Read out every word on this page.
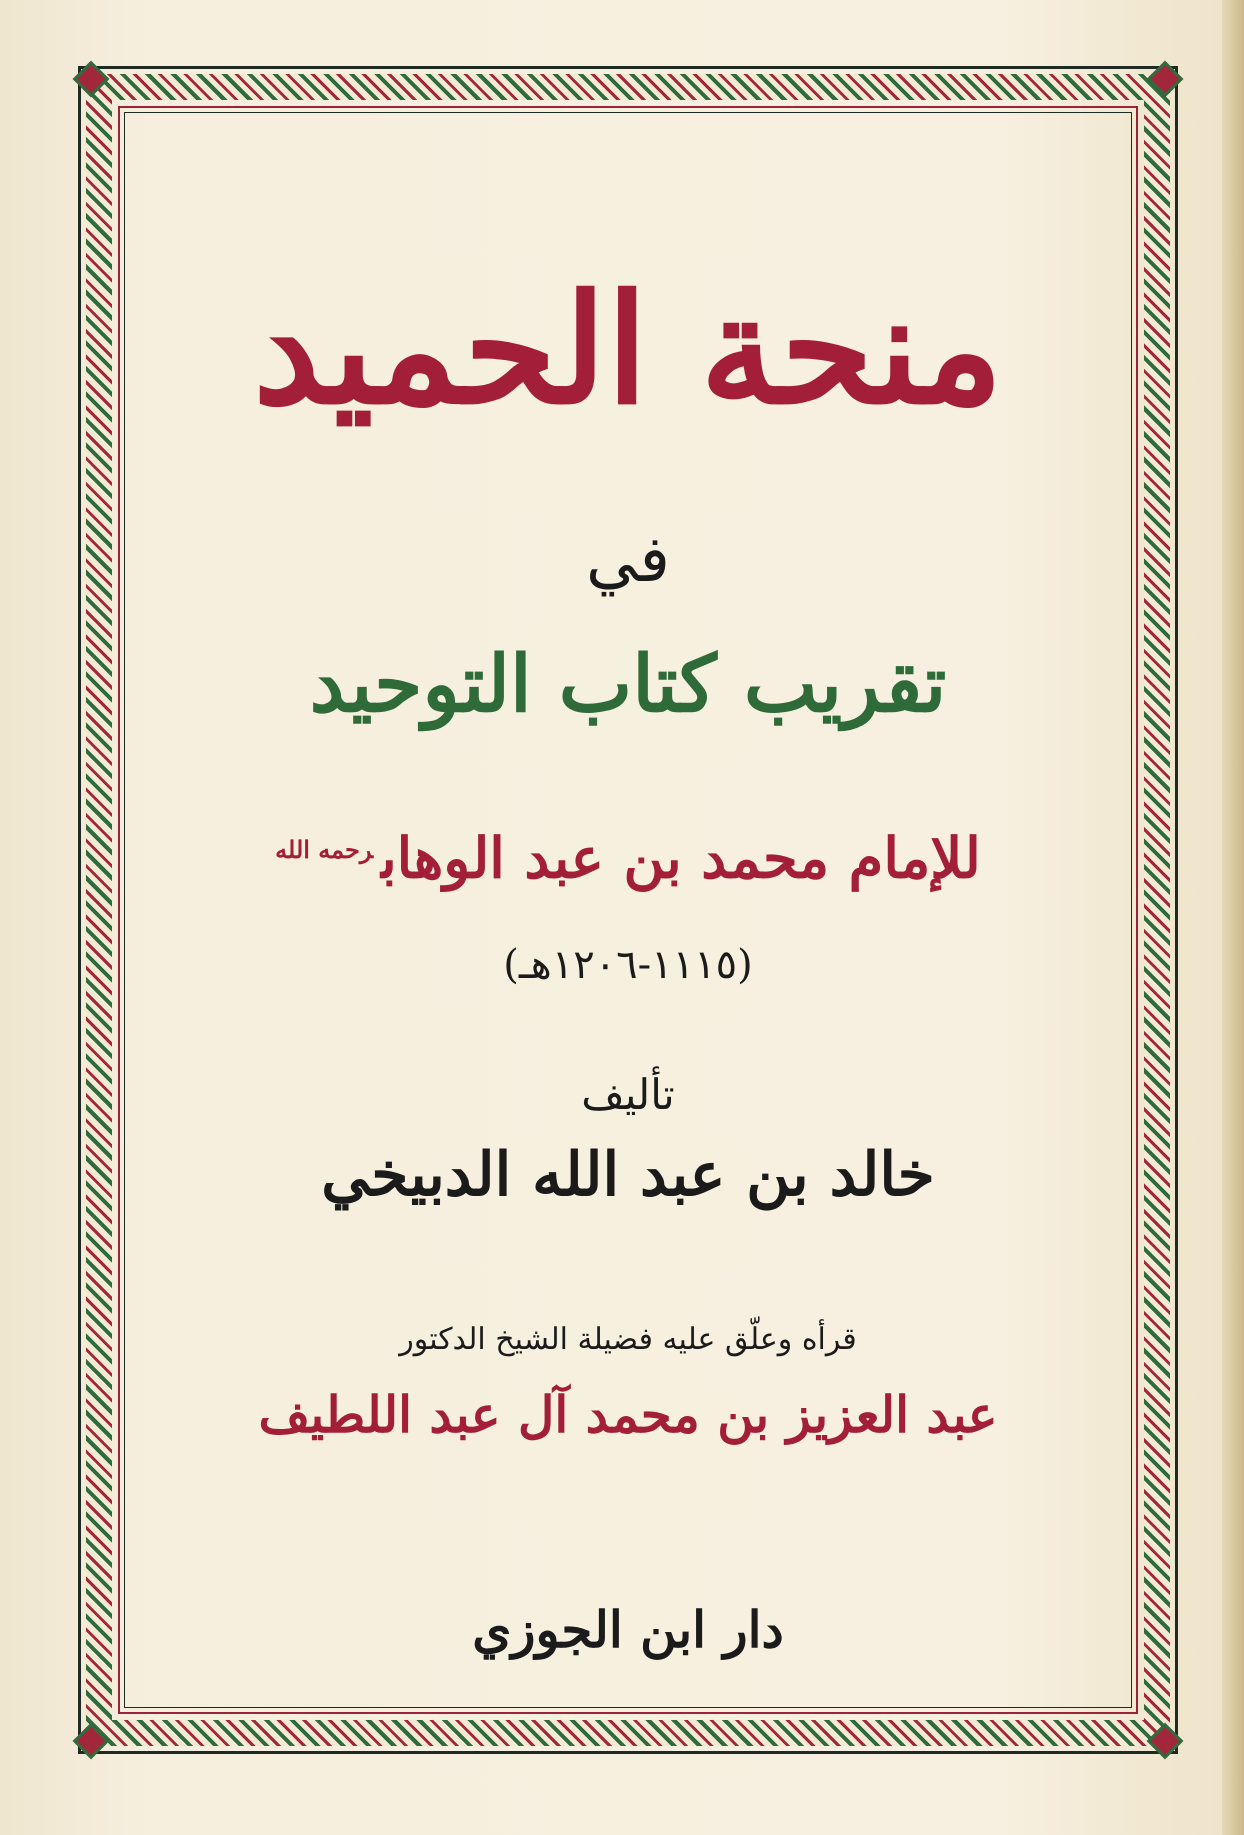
منحة الحميد
في
تقريب كتاب التوحيد
للإمام محمد بن عبد الوهاب$^{رحمه الله}$
(١١١٥-١٢٠٦هـ)
تأليف
خالد بن عبد الله الدبيخي
قرأه وعلّق عليه فضيلة الشيخ الدكتور
عبد العزيز بن محمد آل عبد اللطيف
دار ابن الجوزي
